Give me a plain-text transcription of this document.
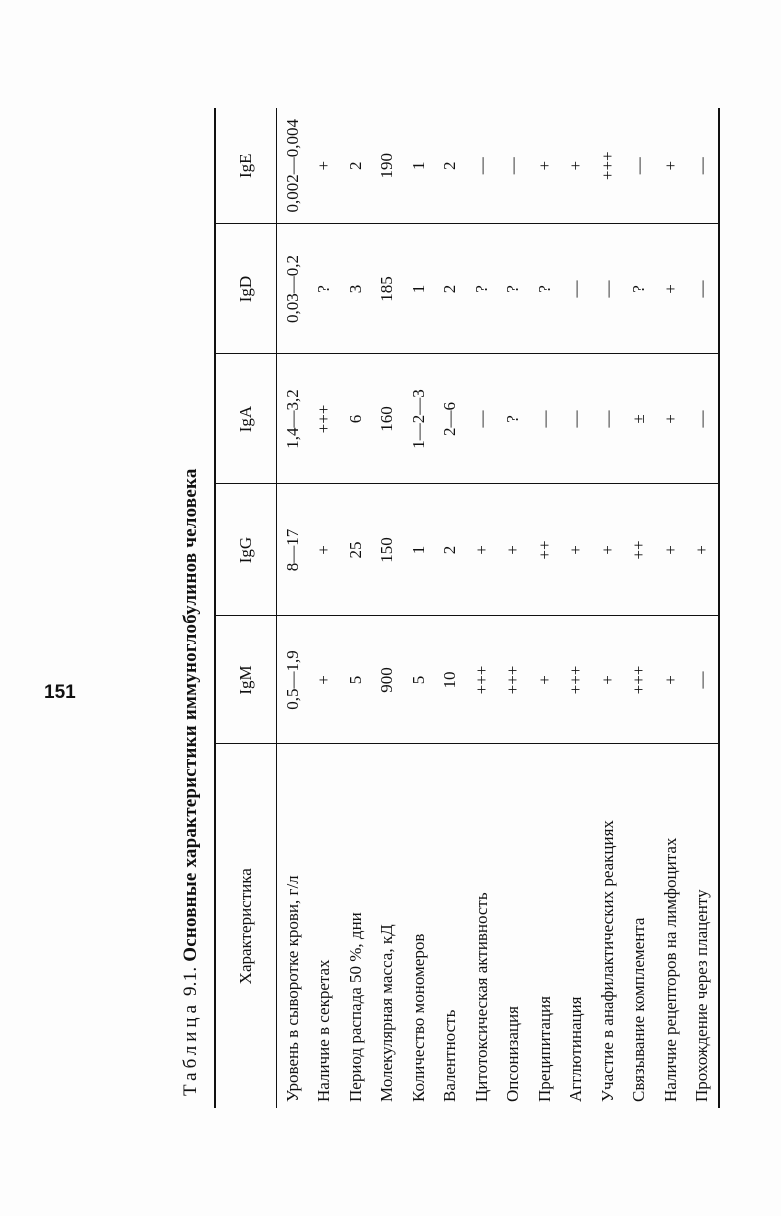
Таблица 9.1. Основные характеристики иммуноглобулинов человека Характеристика	IgM	IgG	IgA	IgD	IgE
Уровень в сыворотке крови, г/л	0,5—1,9	8—17	1,4—3,2	0,03—0,2	0,002—0,004
Наличие в секретах	+	+	+++	?	+
Период распада 50 %, дни	5	25	6	3	2
Молекулярная масса, кД	900	150	160	185	190
Количество мономеров	5	1	1—2—3	1	1
Валентность	10	2	2—6	2	2
Цитотоксическая активность	+++	+	—	?	—
Опсонизация	+++	+	?	?	—
Преципитация	+	++	—	?	+
Агглютинация	+++	+	—	—	+
Участие в анафилактических реакциях	+	+	—	—	+++
Связывание комплемента	+++	++	±	?	—
Наличие рецепторов на лимфоцитах	+	+	+	+	+
Прохождение через плаценту	—	+	—	—	—
151
